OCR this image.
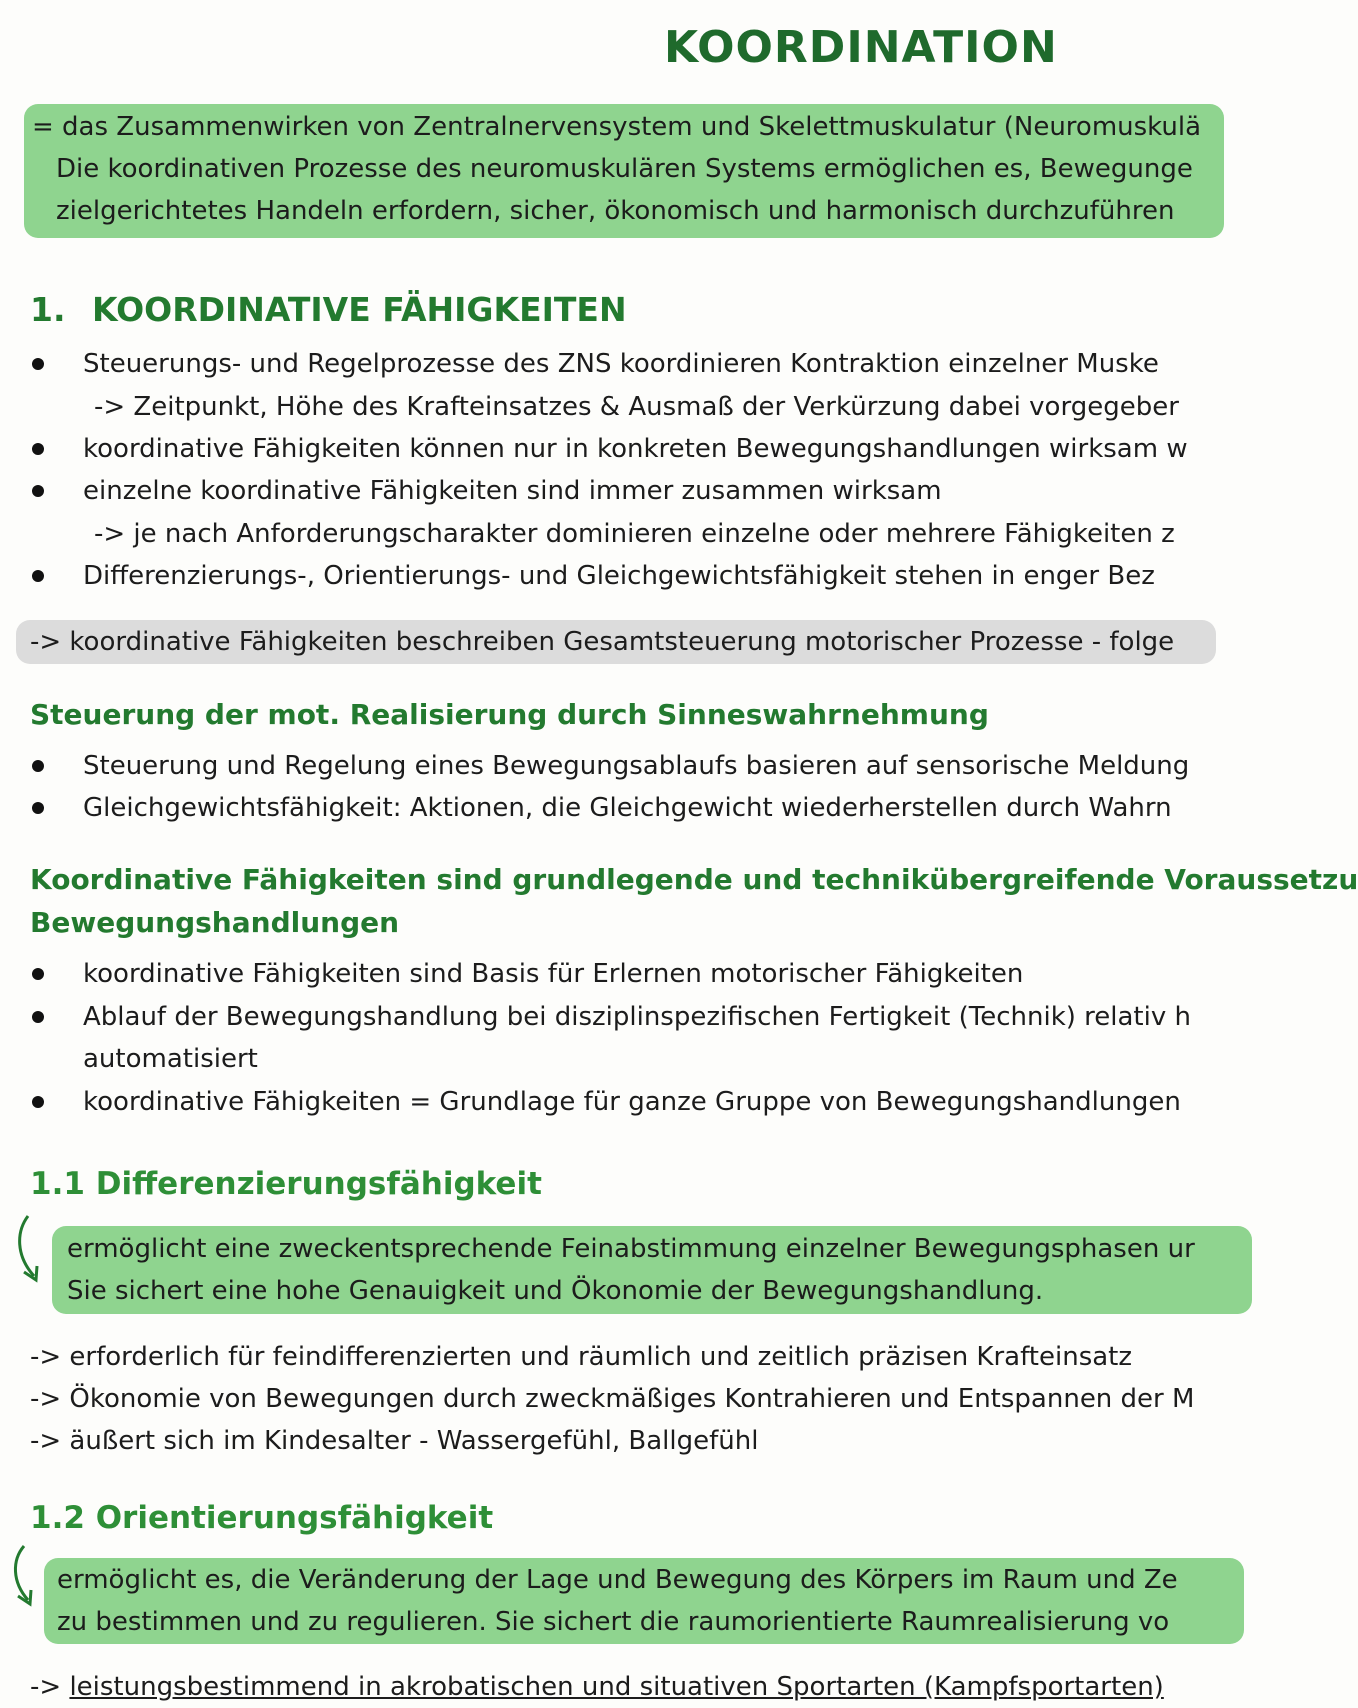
KOORDINATION
= das Zusammenwirken von Zentralnervensystem und Skelettmuskulatur (Neuromuskulä
Die koordinativen Prozesse des neuromuskulären Systems ermöglichen es, Bewegunge
zielgerichtetes Handeln erfordern, sicher, ökonomisch und harmonisch durchzuführen
1. KOORDINATIVE FÄHIGKEITEN
Steuerungs- und Regelprozesse des ZNS koordinieren Kontraktion einzelner Muske
-> Zeitpunkt, Höhe des Krafteinsatzes & Ausmaß der Verkürzung dabei vorgegeber
koordinative Fähigkeiten können nur in konkreten Bewegungshandlungen wirksam w
einzelne koordinative Fähigkeiten sind immer zusammen wirksam
-> je nach Anforderungscharakter dominieren einzelne oder mehrere Fähigkeiten z
Differenzierungs-, Orientierungs- und Gleichgewichtsfähigkeit stehen in enger Bez
-> koordinative Fähigkeiten beschreiben Gesamtsteuerung motorischer Prozesse - folge
Steuerung der mot. Realisierung durch Sinneswahrnehmung
Steuerung und Regelung eines Bewegungsablaufs basieren auf sensorische Meldung
Gleichgewichtsfähigkeit: Aktionen, die Gleichgewicht wiederherstellen durch Wahrn
Koordinative Fähigkeiten sind grundlegende und technikübergreifende Voraussetzu
Bewegungshandlungen
koordinative Fähigkeiten sind Basis für Erlernen motorischer Fähigkeiten
Ablauf der Bewegungshandlung bei disziplinspezifischen Fertigkeit (Technik) relativ h
automatisiert
koordinative Fähigkeiten = Grundlage für ganze Gruppe von Bewegungshandlungen
1.1 Differenzierungsfähigkeit
ermöglicht eine zweckentsprechende Feinabstimmung einzelner Bewegungsphasen ur
Sie sichert eine hohe Genauigkeit und Ökonomie der Bewegungshandlung.
-> erforderlich für feindifferenzierten und räumlich und zeitlich präzisen Krafteinsatz
-> Ökonomie von Bewegungen durch zweckmäßiges Kontrahieren und Entspannen der M
-> äußert sich im Kindesalter - Wassergefühl, Ballgefühl
1.2 Orientierungsfähigkeit
ermöglicht es, die Veränderung der Lage und Bewegung des Körpers im Raum und Ze
zu bestimmen und zu regulieren. Sie sichert die raumorientierte Raumrealisierung vo
-> leistungsbestimmend in akrobatischen und situativen Sportarten (Kampfsportarten)
